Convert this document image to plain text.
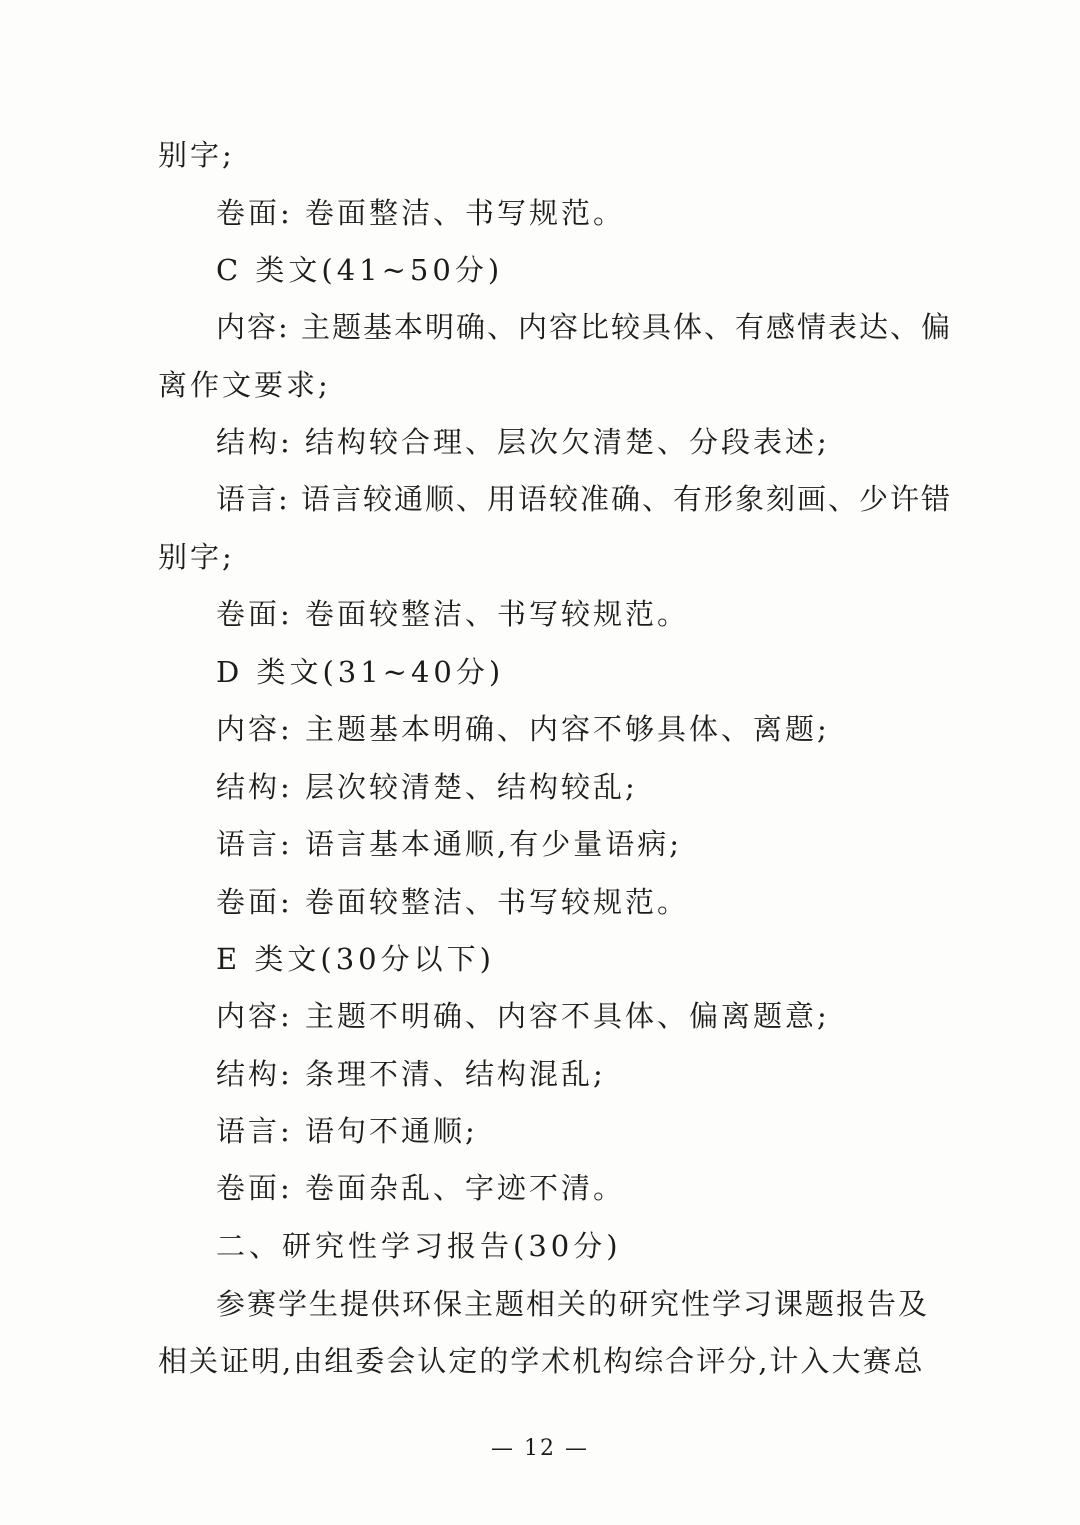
别字;
卷面: 卷面整洁、书写规范。
C 类文(41~50分)
内容: 主题基本明确、内容比较具体、有感情表达、偏
离作文要求;
结构: 结构较合理、层次欠清楚、分段表述;
语言: 语言较通顺、用语较准确、有形象刻画、少许错
别字;
卷面: 卷面较整洁、书写较规范。
D 类文(31~40分)
内容: 主题基本明确、内容不够具体、离题;
结构: 层次较清楚、结构较乱;
语言: 语言基本通顺,有少量语病;
卷面: 卷面较整洁、书写较规范。
E 类文(30分以下)
内容: 主题不明确、内容不具体、偏离题意;
结构: 条理不清、结构混乱;
语言: 语句不通顺;
卷面: 卷面杂乱、字迹不清。
二、研究性学习报告(30分)
参赛学生提供环保主题相关的研究性学习课题报告及
相关证明,由组委会认定的学术机构综合评分,计入大赛总
— 12 —
